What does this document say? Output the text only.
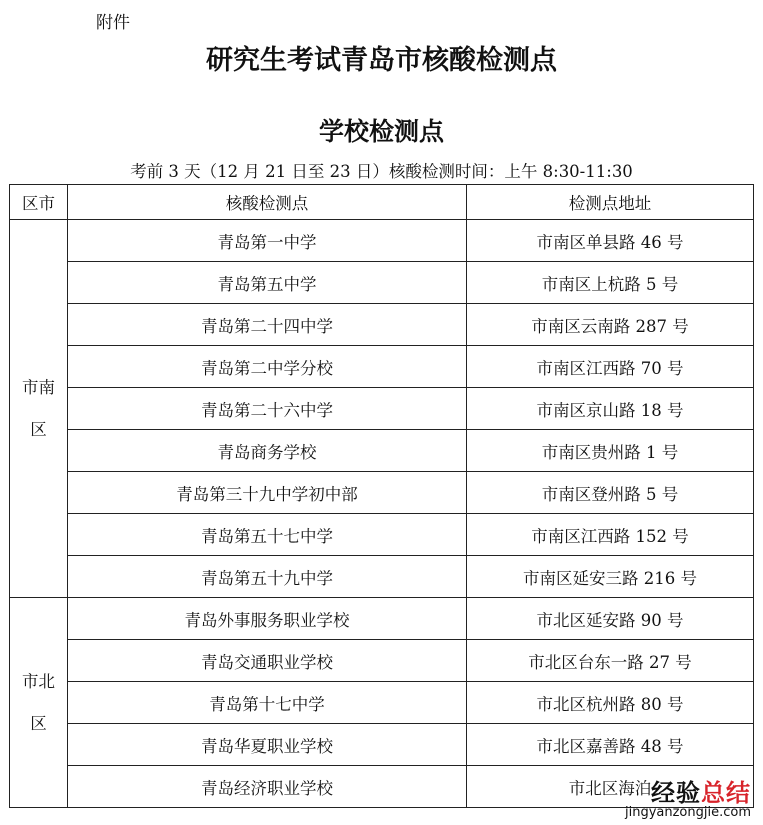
附件
研究生考试青岛市核酸检测点
学校检测点
考前 3 天（12 月 21 日至 23 日）核酸检测时间：上午 8:30-11:30
区市	核酸检测点	检测点地址

市南区	青岛第一中学	市南区单县路 46 号
	青岛第五中学	市南区上杭路 5 号
	青岛第二十四中学	市南区云南路 287 号
	青岛第二中学分校	市南区江西路 70 号
	青岛第二十六中学	市南区京山路 18 号
	青岛商务学校	市南区贵州路 1 号
	青岛第三十九中学初中部	市南区登州路 5 号
	青岛第五十七中学	市南区江西路 152 号
	青岛第五十九中学	市南区延安三路 216 号

市北区	青岛外事服务职业学校	市北区延安路 90 号
	青岛交通职业学校	市北区台东一路 27 号
	青岛第十七中学	市北区杭州路 80 号
	青岛华夏职业学校	市北区嘉善路 48 号
	青岛经济职业学校	市北区海泊 经验总结
jingyanzongjie.com
